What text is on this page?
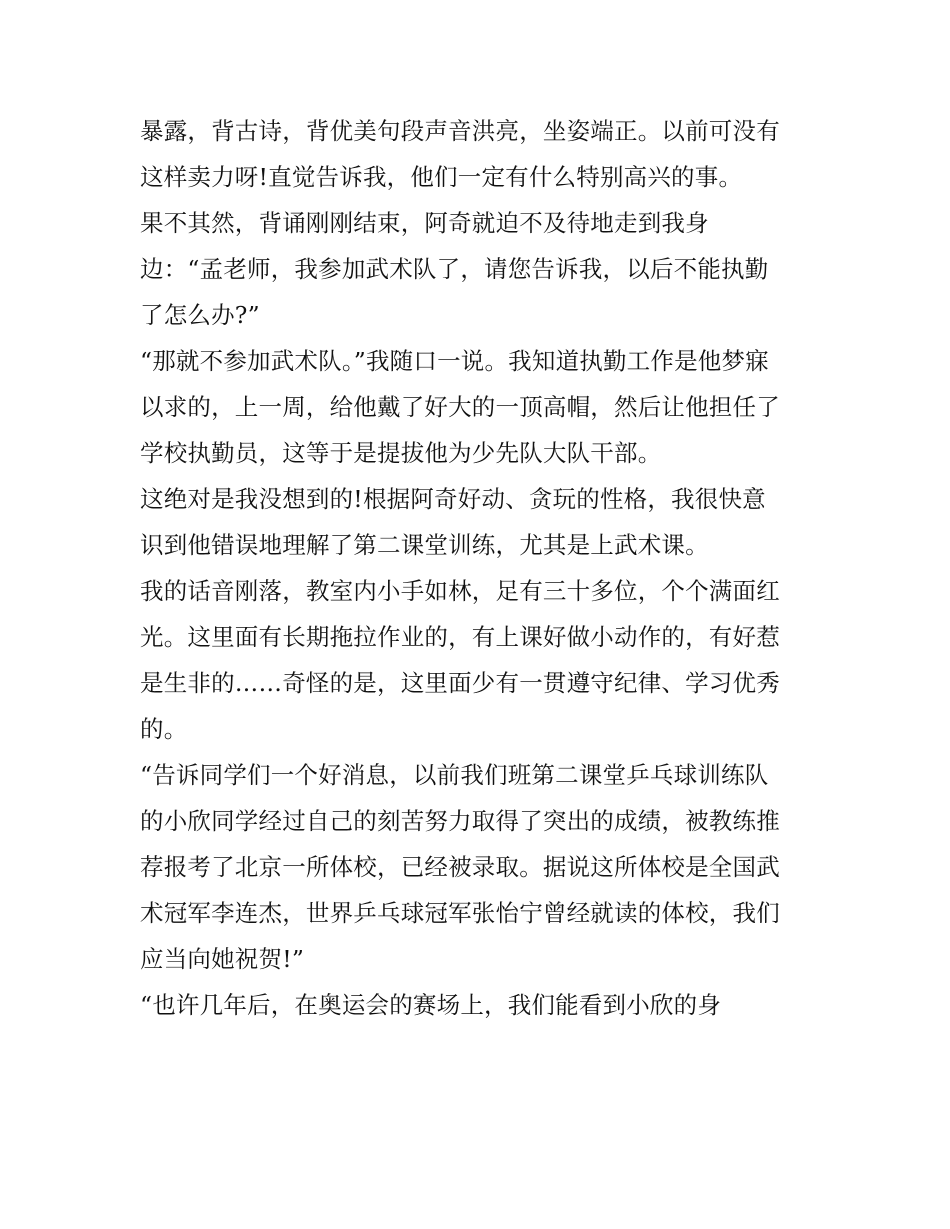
暴露，背古诗，背优美句段声音洪亮，坐姿端正。以前可没有
这样卖力呀!直觉告诉我，他们一定有什么特别高兴的事。
果不其然，背诵刚刚结束，阿奇就迫不及待地走到我身
边：“孟老师，我参加武术队了，请您告诉我，以后不能执勤
了怎么办?”
“那就不参加武术队。”我随口一说。我知道执勤工作是他梦寐
以求的，上一周，给他戴了好大的一顶高帽，然后让他担任了
学校执勤员，这等于是提拔他为少先队大队干部。
这绝对是我没想到的!根据阿奇好动、贪玩的性格，我很快意
识到他错误地理解了第二课堂训练，尤其是上武术课。
我的话音刚落，教室内小手如林，足有三十多位，个个满面红
光。这里面有长期拖拉作业的，有上课好做小动作的，有好惹
是生非的……奇怪的是，这里面少有一贯遵守纪律、学习优秀
的。
“告诉同学们一个好消息，以前我们班第二课堂乒乓球训练队
的小欣同学经过自己的刻苦努力取得了突出的成绩，被教练推
荐报考了北京一所体校，已经被录取。据说这所体校是全国武
术冠军李连杰，世界乒乓球冠军张怡宁曾经就读的体校，我们
应当向她祝贺!”
“也许几年后，在奥运会的赛场上，我们能看到小欣的身
